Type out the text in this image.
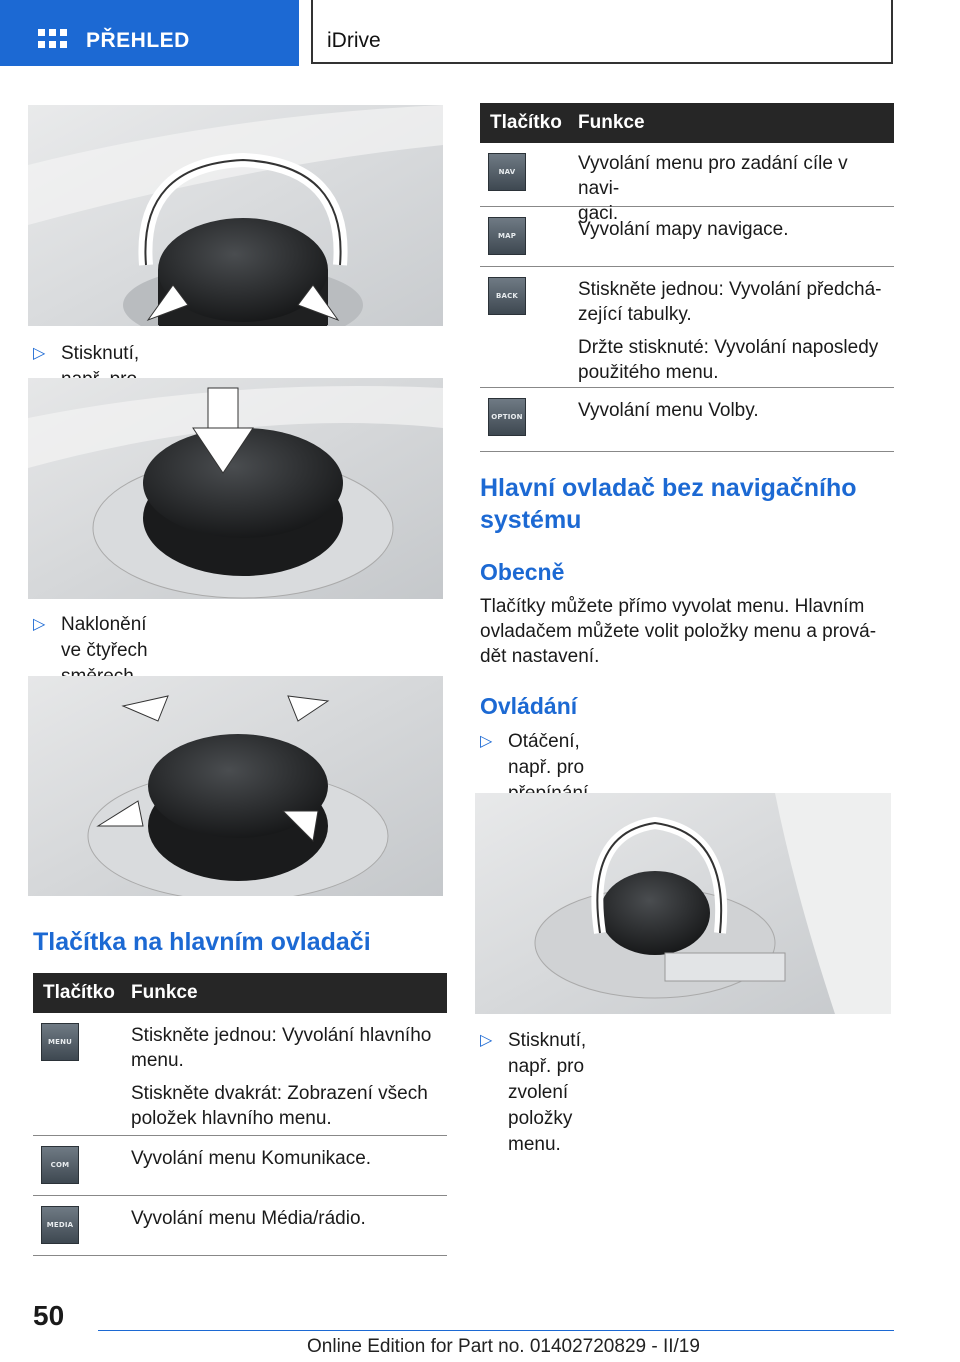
PŘEHLED	iDrive
▷ Stisknutí,
▷ Naklonění ve čtyřech

Tlačítka na hlavním ovladači
Tlačítko Funkce
MENU	Stiskněte jednou: Vyvolání hlavního
menu.

Stiskněte dvakrát: Zobrazení všech
položek hlavního menu.

COM	Vyvolání menu Komunikace.
MEDIA	Vyvolání menu Média/rádio.
Tlačítko Funkce
NAV	Vyvolání menu pro zadání cíle v navi-
gaci.
MAP	Vyvolání mapy navigace.
BACK	Stiskněte jednou: Vyvolání předchá-
zející tabulky.

Držte stisknuté: Vyvolání naposledy
použitého menu.

OPTION	Vyvolání menu Volby.
Hlavní ovladač bez navigačního
systému
Obecně
Tlačítky můžete přímo vyvolat menu. Hlavním
ovladačem můžete volit položky menu a prová-
dět nastavení.
Ovládání
▷ Otáčení, např. pro

▷ Stisknutí, např. pro zvolení položky menu.
50
Online Edition for Part no. 01402720829 - II/19
